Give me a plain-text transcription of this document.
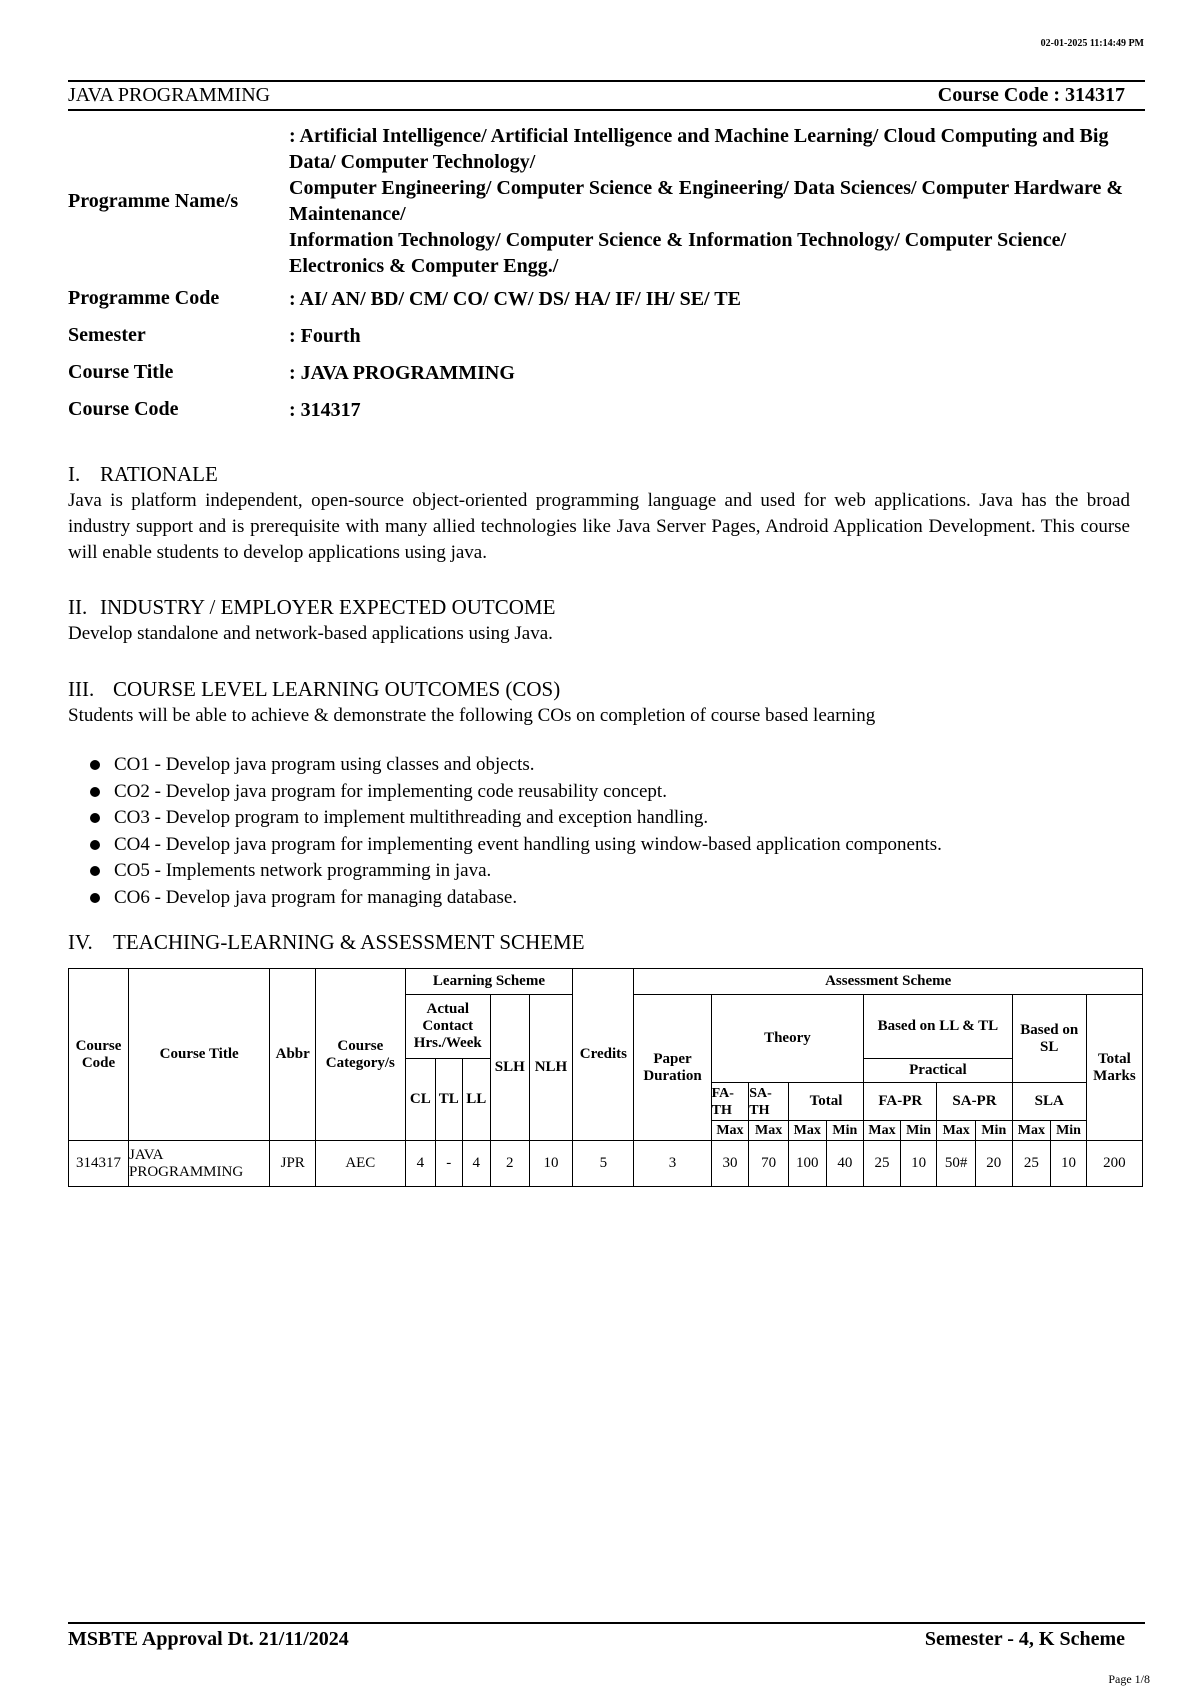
02-01-2025 11:14:49 PM
JAVA PROGRAMMING	Course Code : 314317
Programme Name/s
: Artificial Intelligence/ Artificial Intelligence and Machine Learning/ Cloud Computing and Big Data/ Computer Technology/
Computer Engineering/ Computer Science & Engineering/ Data Sciences/ Computer Hardware & Maintenance/
Information Technology/ Computer Science & Information Technology/ Computer Science/ Electronics & Computer Engg./
Programme Code	: AI/ AN/ BD/ CM/ CO/ CW/ DS/ HA/ IF/ IH/ SE/ TE
Semester	: Fourth
Course Title	: JAVA PROGRAMMING
Course Code	: 314317
I. RATIONALE
Java is platform independent, open-source object-oriented programming language and used for web applications. Java has the broad industry support and is prerequisite with many allied technologies like Java Server Pages, Android Application Development. This course will enable students to develop applications using java.
II. INDUSTRY / EMPLOYER EXPECTED OUTCOME
Develop standalone and network-based applications using Java.
III. COURSE LEVEL LEARNING OUTCOMES (COS)
Students will be able to achieve & demonstrate the following COs on completion of course based learning
CO1 - Develop java program using classes and objects.
CO2 - Develop java program for implementing code reusability concept.
CO3 - Develop program to implement multithreading and exception handling.
CO4 - Develop java program for implementing event handling using window-based application components.
CO5 - Implements network programming in java.
CO6 - Develop java program for managing database.
IV. TEACHING-LEARNING & ASSESSMENT SCHEME
Course Code	Course Title	Abbr	Course Category/s	Learning Scheme					Credits	Assessment Scheme											
				Actual Contact Hrs./Week			SLH	NLH		Paper Duration	Theory				Based on LL & TL				Based on SL		Total Marks
				CL	TL	LL									Practical						
											FA-TH	SA-TH	Total		FA-PR		SA-PR		SLA		
											Max	Max	Max	Min	Max	Min	Max	Min	Max	Min	
314317	JAVA PROGRAMMING	JPR	AEC	4	-	4	2	10	5	3	30	70	100	40	25	10	50#	20	25	10	200
MSBTE Approval Dt. 21/11/2024	Semester - 4, K Scheme
Page 1/8
